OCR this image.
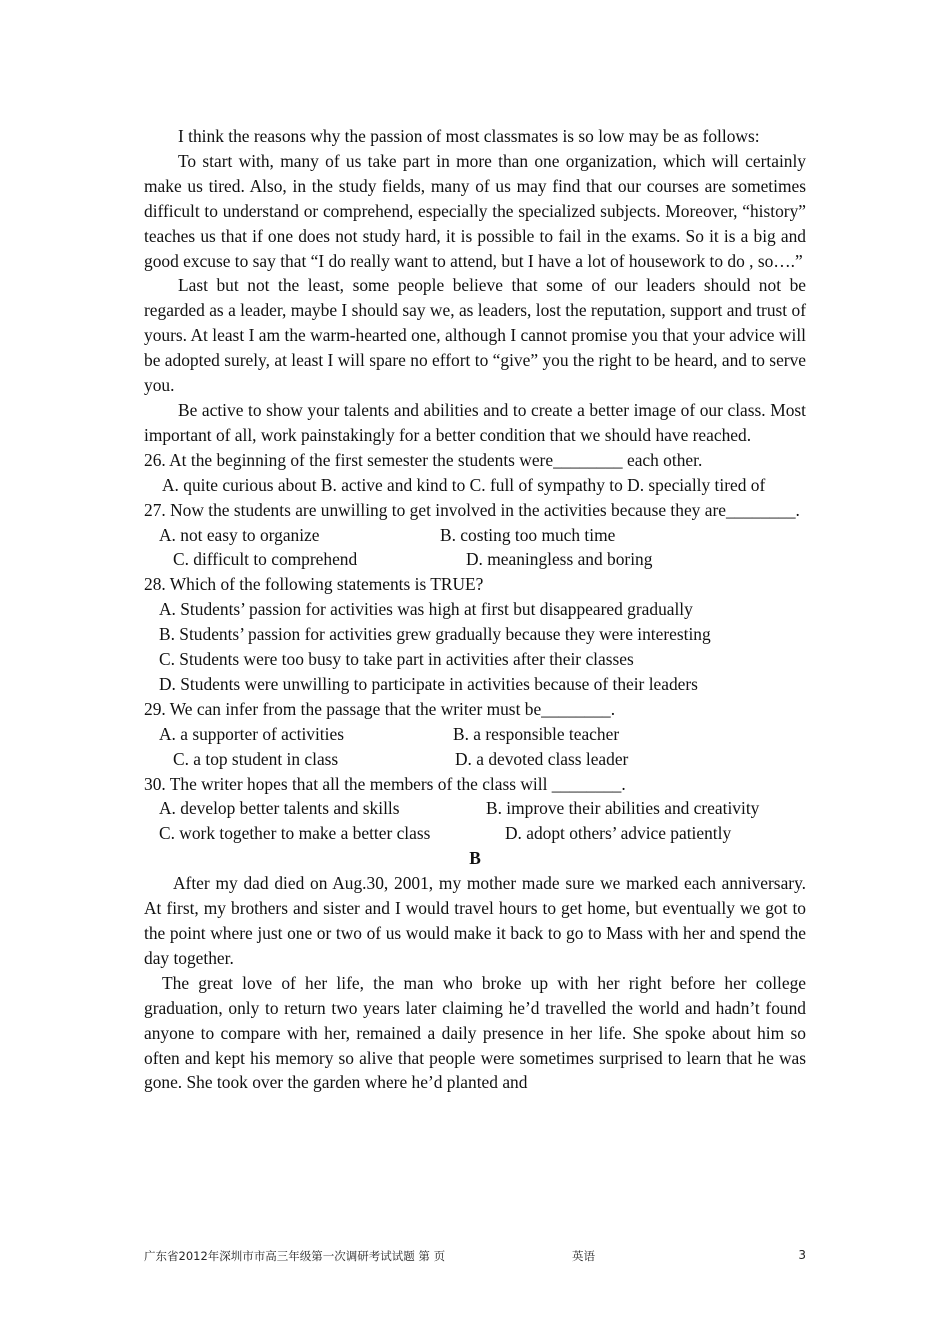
I think the reasons why the passion of most classmates is so low may be as follows:

To start with, many of us take part in more than one organization, which will certainly make us tired. Also, in the study fields, many of us may find that our courses are sometimes difficult to understand or comprehend, especially the specialized subjects. Moreover, “history” teaches us that if one does not study hard, it is possible to fail in the exams. So it is a big and good excuse to say that “I do really want to attend, but I have a lot of housework to do , so….”

Last but not the least, some people believe that some of our leaders should not be regarded as a leader, maybe I should say we, as leaders, lost the reputation, support and trust of yours. At least I am the warm-hearted one, although I cannot promise you that your advice will be adopted surely, at least I will spare no effort to “give” you the right to be heard, and to serve you.

Be active to show your talents and abilities and to create a better image of our class. Most important of all, work painstakingly for a better condition that we should have reached.

26. At the beginning of the first semester the students were________ each other.

A. quite curious about B. active and kind to C. full of sympathy to D. specially tired of

27. Now the students are unwilling to get involved in the activities because they are________.

A. not easy to organize	B. costing too much time
C. difficult to comprehend	D. meaningless and boring

28. Which of the following statements is TRUE?

A. Students’ passion for activities was high at first but disappeared gradually

B. Students’ passion for activities grew gradually because they were interesting

C. Students were too busy to take part in activities after their classes

D. Students were unwilling to participate in activities because of their leaders

29. We can infer from the passage that the writer must be________.

A. a supporter of activities	B. a responsible teacher
C. a top student in class	D. a devoted class leader

30. The writer hopes that all the members of the class will ________.

A. develop better talents and skills	B. improve their abilities and creativity
C. work together to make a better class	D. adopt others’ advice patiently

B

After my dad died on Aug.30, 2001, my mother made sure we marked each anniversary. At first, my brothers and sister and I would travel hours to get home, but eventually we got to the point where just one or two of us would make it back to go to Mass with her and spend the day together.

The great love of her life, the man who broke up with her right before her college graduation, only to return two years later claiming he’d travelled the world and hadn’t found anyone to compare with her, remained a daily presence in her life. She spoke about him so often and kept his memory so alive that people were sometimes surprised to learn that he was gone. She took over the garden where he’d planted and

广东省2012年深圳市市高三年级第一次调研考试试题 第 页	英语	3
